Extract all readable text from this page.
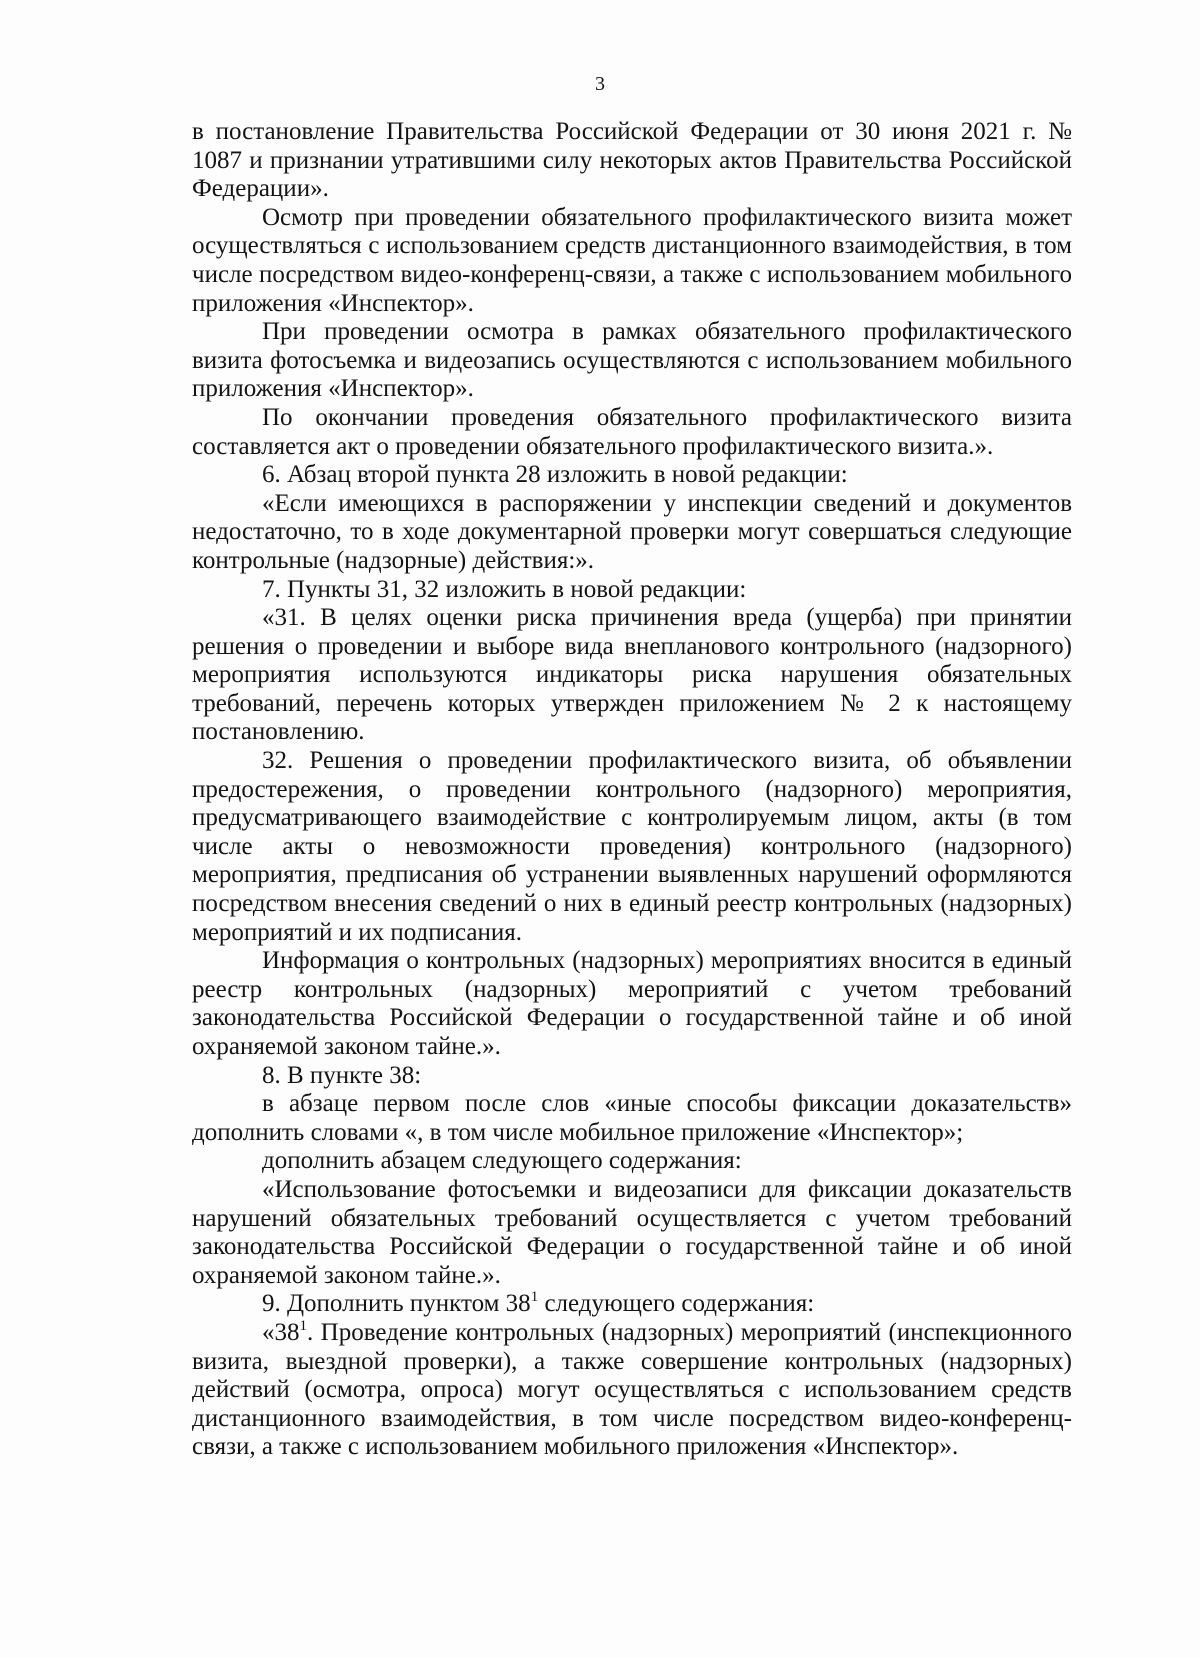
3

в постановление Правительства Российской Федерации от 30 июня 2021 г. № 1087 и признании утратившими силу некоторых актов Правительства Российской Федерации».

Осмотр при проведении обязательного профилактического визита может осуществляться с использованием средств дистанционного взаимодействия, в том числе посредством видео-конференц-связи, а также с использованием мобильного приложения «Инспектор».

При проведении осмотра в рамках обязательного профилактического визита фотосъемка и видеозапись осуществляются с использованием мобильного приложения «Инспектор».

По окончании проведения обязательного профилактического визита составляется акт о проведении обязательного профилактического визита.».

6. Абзац второй пункта 28 изложить в новой редакции:

«Если имеющихся в распоряжении у инспекции сведений и документов недостаточно, то в ходе документарной проверки могут совершаться следующие контрольные (надзорные) действия:».

7. Пункты 31, 32 изложить в новой редакции:

«31. В целях оценки риска причинения вреда (ущерба) при принятии решения о проведении и выборе вида внепланового контрольного (надзорного) мероприятия используются индикаторы риска нарушения обязательных требований, перечень которых утвержден приложением № 2 к настоящему постановлению.

32. Решения о проведении профилактического визита, об объявлении предостережения, о проведении контрольного (надзорного) мероприятия, предусматривающего взаимодействие с контролируемым лицом, акты (в том числе акты о невозможности проведения) контрольного (надзорного) мероприятия, предписания об устранении выявленных нарушений оформляются посредством внесения сведений о них в единый реестр контрольных (надзорных) мероприятий и их подписания.

Информация о контрольных (надзорных) мероприятиях вносится в единый реестр контрольных (надзорных) мероприятий с учетом требований законодательства Российской Федерации о государственной тайне и об иной охраняемой законом тайне.».

8. В пункте 38:

в абзаце первом после слов «иные способы фиксации доказательств» дополнить словами «, в том числе мобильное приложение «Инспектор»;

дополнить абзацем следующего содержания:

«Использование фотосъемки и видеозаписи для фиксации доказательств нарушений обязательных требований осуществляется с учетом требований законодательства Российской Федерации о государственной тайне и об иной охраняемой законом тайне.».

9. Дополнить пунктом $38^1$ следующего содержания:

«$38^1$. Проведение контрольных (надзорных) мероприятий (инспекционного визита, выездной проверки), а также совершение контрольных (надзорных) действий (осмотра, опроса) могут осуществляться с использованием средств дистанционного взаимодействия, в том числе посредством видео-конференц-связи, а также с использованием мобильного приложения «Инспектор».
